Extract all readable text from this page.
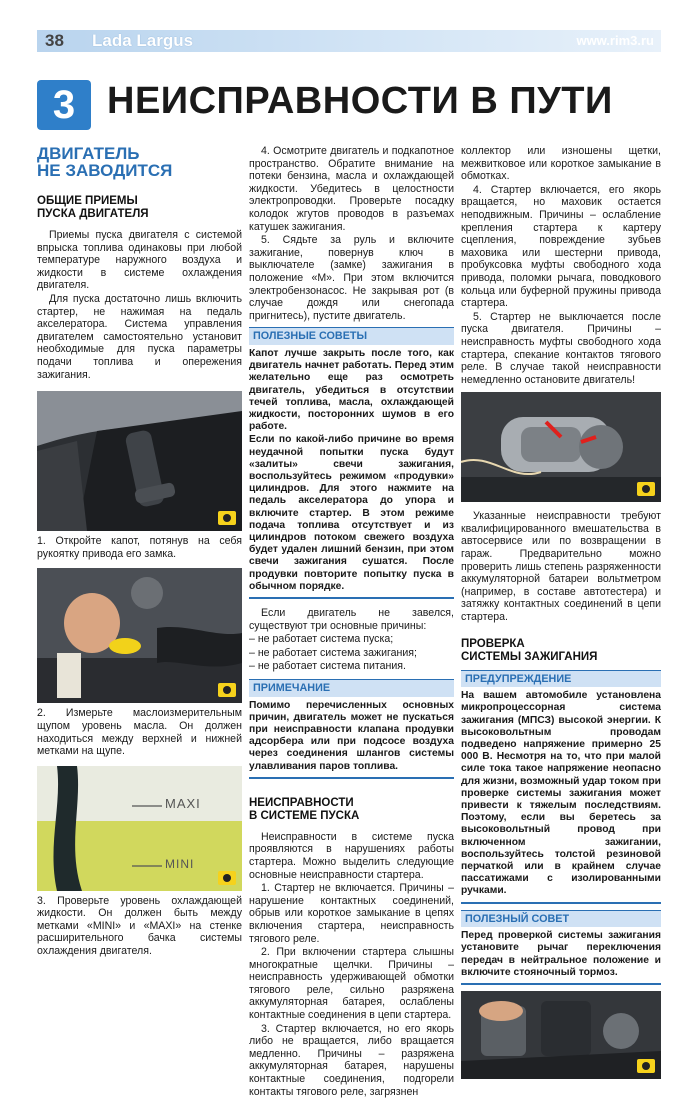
38 Lada Largus	www.rim3.ru
3 НЕИСПРАВНОСТИ В ПУТИ
ДВИГАТЕЛЬ
НЕ ЗАВОДИТСЯ
ОБЩИЕ ПРИЕМЫ
ПУСКА ДВИГАТЕЛЯ

Приемы пуска двигателя с системой впрыска топлива одинаковы при любой температуре наружного воздуха и жидкости в системе охлаждения двигателя.

Для пуска достаточно лишь включить стартер, не нажимая на педаль акселератора. Система управления двигателем самостоятельно установит необходимые для пуска параметры подачи топлива и опережения зажигания.

1. Откройте капот, потянув на себя рукоятку привода его замка.

2. Измерьте маслоизмерительным щупом уровень масла. Он должен находиться между верхней и нижней метками на щупе.

MAXI
MINI

3. Проверьте уровень охлаждающей жидкости. Он должен быть между метками «MINI» и «MAXI» на стенке расширительного бачка системы охлаждения двигателя.

4. Осмотрите двигатель и подкапотное пространство. Обратите внимание на потеки бензина, масла и охлаждающей жидкости. Убедитесь в целостности электропроводки. Проверьте посадку колодок жгутов проводов в разъемах катушек зажигания.

5. Сядьте за руль и включите зажигание, повернув ключ в выключателе (замке) зажигания в положение «М». При этом включится электробензонасос. Не закрывая рот (в случае дождя или снегопада пригнитесь), пустите двигатель.

ПОЛЕЗНЫЕ СОВЕТЫ

Капот лучше закрыть после того, как двигатель начнет работать. Перед этим желательно еще раз осмотреть двигатель, убедиться в отсутствии течей топлива, масла, охлаждающей жидкости, посторонних шумов в его работе.

Если по какой-либо причине во время неудачной попытки пуска будут «залиты» свечи зажигания, воспользуйтесь режимом «продувки» цилиндров. Для этого нажмите на педаль акселератора до упора и включите стартер. В этом режиме подача топлива отсутствует и из цилиндров потоком свежего воздуха будет удален лишний бензин, при этом свечи зажигания сушатся. После продувки повторите попытку пуска в обычном порядке.

Если двигатель не завелся, существуют три основные причины:

– не работает система пуска;

– не работает система зажигания;

– не работает система питания.

ПРИМЕЧАНИЕ

Помимо перечисленных основных причин, двигатель может не пускаться при неисправности клапана продувки адсорбера или при подсосе воздуха через соединения шлангов системы улавливания паров топлива.

НЕИСПРАВНОСТИ
В СИСТЕМЕ ПУСКА

Неисправности в системе пуска проявляются в нарушениях работы стартера. Можно выделить следующие основные неисправности стартера.

1. Стартер не включается. Причины – нарушение контактных соединений, обрыв или короткое замыкание в цепях включения стартера, неисправность тягового реле.

2. При включении стартера слышны многократные щелчки. Причины – неисправность удерживающей обмотки тягового реле, сильно разряжена аккумуляторная батарея, ослаблены контактные соединения в цепи стартера.

3. Стартер включается, но его якорь либо не вращается, либо вращается медленно. Причины – разряжена аккумуляторная батарея, нарушены контактные соединения, подгорели контакты тягового реле, загрязнен

коллектор или изношены щетки, межвитковое или короткое замыкание в обмотках.

4. Стартер включается, его якорь вращается, но маховик остается неподвижным. Причины – ослабление крепления стартера к картеру сцепления, повреждение зубьев маховика или шестерни привода, пробуксовка муфты свободного хода привода, поломки рычага, поводкового кольца или буферной пружины привода стартера.

5. Стартер не выключается после пуска двигателя. Причины – неисправность муфты свободного хода стартера, спекание контактов тягового реле. В случае такой неисправности немедленно остановите двигатель!

Указанные неисправности требуют квалифицированного вмешательства в автосервисе или по возвращении в гараж. Предварительно можно проверить лишь степень разряженности аккумуляторной батареи вольтметром (например, в составе автотестера) и затяжку контактных соединений в цепи стартера.

ПРОВЕРКА
СИСТЕМЫ ЗАЖИГАНИЯ
ПРЕДУПРЕЖДЕНИЕ

На вашем автомобиле установлена микропроцессорная система зажигания (МПСЗ) высокой энергии. К высоковольтным проводам подведено напряжение примерно 25 000 В. Несмотря на то, что при малой силе тока такое напряжение неопасно для жизни, возможный удар током при проверке системы зажигания может привести к тяжелым последствиям. Поэтому, если вы беретесь за высоковольтный провод при включенном зажигании, воспользуйтесь толстой резиновой перчаткой или в крайнем случае пассатижами с изолированными ручками.

ПОЛЕЗНЫЙ СОВЕТ

Перед проверкой системы зажигания установите рычаг переключения передач в нейтральное положение и включите стояночный тормоз.
